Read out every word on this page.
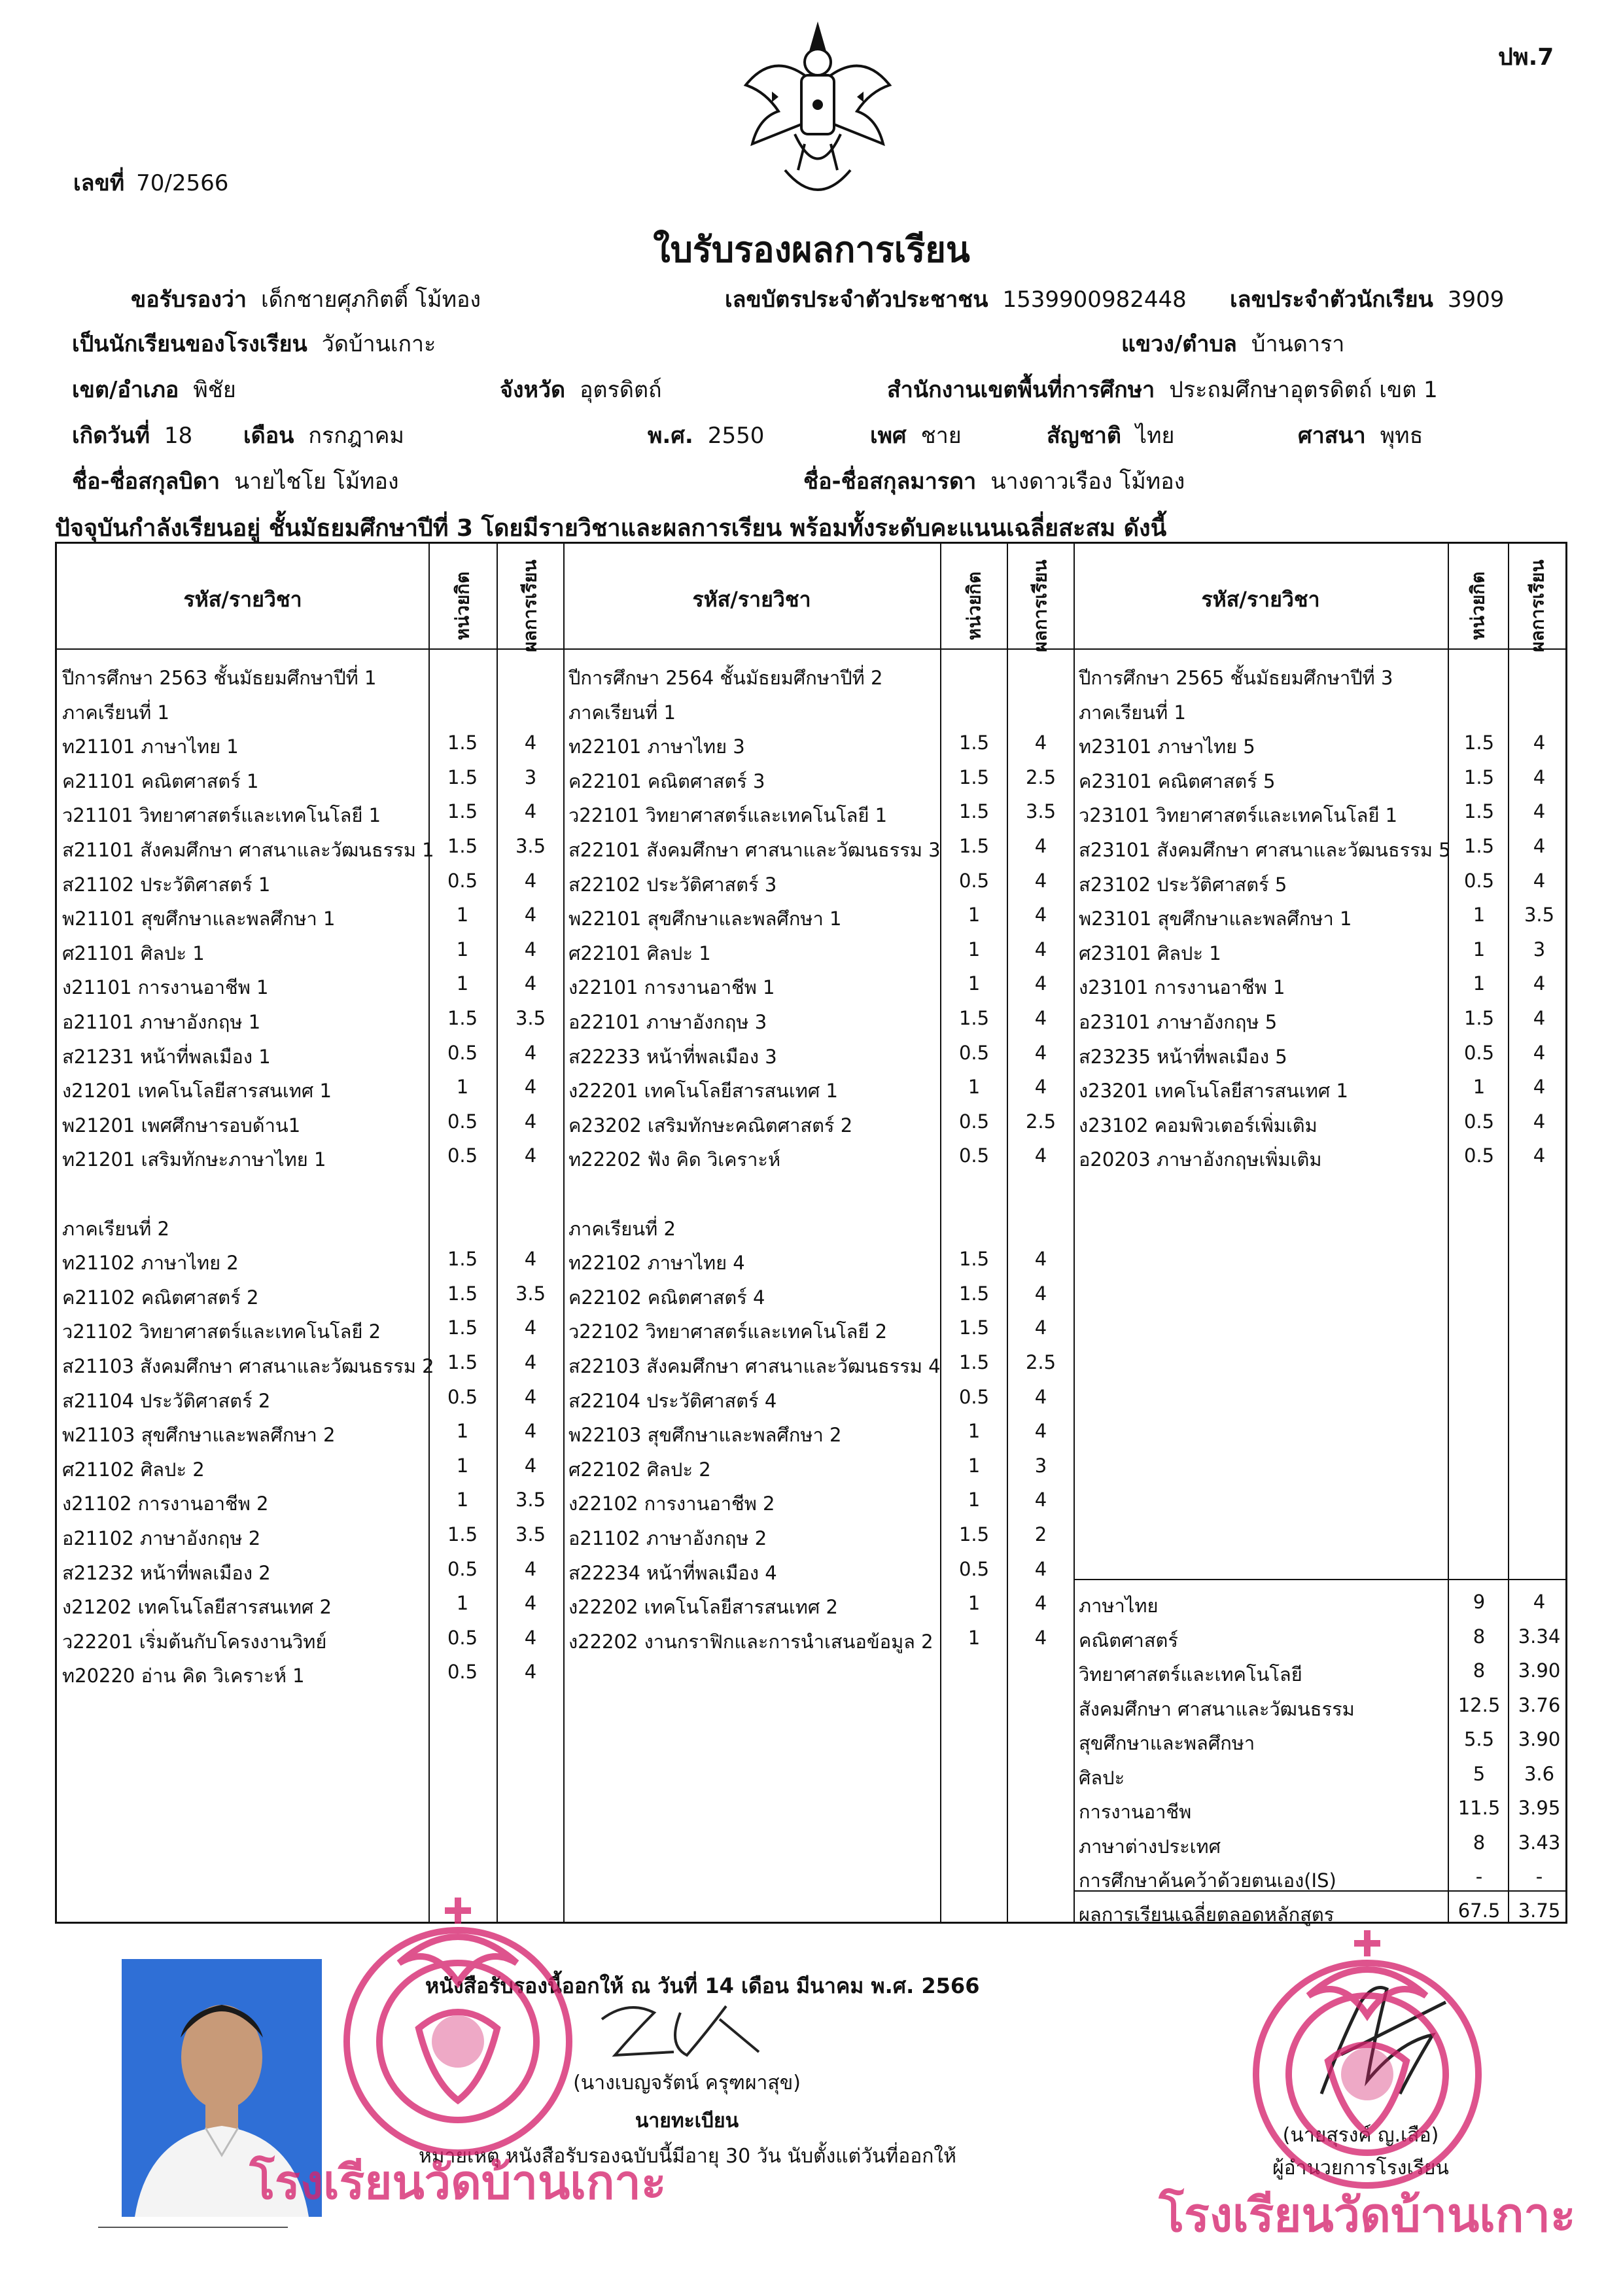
ปพ.7
เลขที่ 70/2566
ใบรับรองผลการเรียน
ขอรับรองว่า เด็กชายศุภกิตติ์ โม้ทอง	เลขบัตรประจำตัวประชาชน 1539900982448 เลขประจำตัวนักเรียน 3909
เป็นนักเรียนของโรงเรียน วัดบ้านเกาะ	แขวง/ตำบล บ้านดารา
เขต/อำเภอ พิชัย	จังหวัด อุตรดิตถ์	สำนักงานเขตพื้นที่การศึกษา ประถมศึกษาอุตรดิตถ์ เขต 1
เกิดวันที่ 18 เดือน กรกฎาคม	พ.ศ. 2550	เพศ ชาย	สัญชาติ ไทย	ศาสนา พุทธ
ชื่อ-ชื่อสกุลบิดา นายไชโย โม้ทอง	ชื่อ-ชื่อสกุลมารดา นางดาวเรือง โม้ทอง
ปัจจุบันกำลังเรียนอยู่ ชั้นมัธยมศึกษาปีที่ 3 โดยมีรายวิชาและผลการเรียน พร้อมทั้งระดับคะแนนเฉลี่ยสะสม ดังนี้
รหัส/รายวิชา	หน่วยกิต	ผลการเรียน	รหัส/รายวิชา	หน่วยกิต ผลการเรียน	รหัส/รายวิชา	หน่วยกิต ผลการเรียน
ปีการศึกษา 2563 ชั้นมัธยมศึกษาปีที่ 1
ภาคเรียนที่ 1
ท21101 ภาษาไทย 1	1.5	4
ค21101 คณิตศาสตร์ 1	1.5	3
ว21101 วิทยาศาสตร์และเทคโนโลยี 1	1.5	4
ส21101 สังคมศึกษา ศาสนาและวัฒนธรรม 1 1.5	3.5
ส21102 ประวัติศาสตร์ 1	0.5	4
พ21101 สุขศึกษาและพลศึกษา 1	1	4
ศ21101 ศิลปะ 1	1	4
ง21101 การงานอาชีพ 1	1	4
อ21101 ภาษาอังกฤษ 1	1.5	3.5
ส21231 หน้าที่พลเมือง 1	0.5	4
ง21201 เทคโนโลยีสารสนเทศ 1	1	4
พ21201 เพศศึกษารอบด้าน1	0.5	4
ท21201 เสริมทักษะภาษาไทย 1	0.5	4
ภาคเรียนที่ 2
ท21102 ภาษาไทย 2	1.5	4
ค21102 คณิตศาสตร์ 2	1.5	3.5
ว21102 วิทยาศาสตร์และเทคโนโลยี 2	1.5	4
ส21103 สังคมศึกษา ศาสนาและวัฒนธรรม 2 1.5	4
ส21104 ประวัติศาสตร์ 2	0.5	4
พ21103 สุขศึกษาและพลศึกษา 2	1	4
ศ21102 ศิลปะ 2	1	4
ง21102 การงานอาชีพ 2	1	3.5
อ21102 ภาษาอังกฤษ 2	1.5	3.5
ส21232 หน้าที่พลเมือง 2	0.5	4
ง21202 เทคโนโลยีสารสนเทศ 2	1	4
ว22201 เริ่มต้นกับโครงงานวิทย์	0.5	4
ท20220 อ่าน คิด วิเคราะห์ 1	0.5	4
ปีการศึกษา 2564 ชั้นมัธยมศึกษาปีที่ 2
ภาคเรียนที่ 1
ท22101 ภาษาไทย 3	1.5	4
ค22101 คณิตศาสตร์ 3	1.5	2.5
ว22101 วิทยาศาสตร์และเทคโนโลยี 1	1.5	3.5
ส22101 สังคมศึกษา ศาสนาและวัฒนธรรม 3 1.5	4
ส22102 ประวัติศาสตร์ 3	0.5	4
พ22101 สุขศึกษาและพลศึกษา 1	1	4
ศ22101 ศิลปะ 1	1	4
ง22101 การงานอาชีพ 1	1	4
อ22101 ภาษาอังกฤษ 3	1.5	4
ส22233 หน้าที่พลเมือง 3	0.5	4
ง22201 เทคโนโลยีสารสนเทศ 1	1	4
ค23202 เสริมทักษะคณิตศาสตร์ 2	0.5	2.5
ท22202 ฟัง คิด วิเคราะห์	0.5	4
ภาคเรียนที่ 2
ท22102 ภาษาไทย 4	1.5	4
ค22102 คณิตศาสตร์ 4	1.5	4
ว22102 วิทยาศาสตร์และเทคโนโลยี 2	1.5	4
ส22103 สังคมศึกษา ศาสนาและวัฒนธรรม 4 1.5	2.5
ส22104 ประวัติศาสตร์ 4	0.5	4
พ22103 สุขศึกษาและพลศึกษา 2	1	4
ศ22102 ศิลปะ 2	1	3
ง22102 การงานอาชีพ 2	1	4
อ21102 ภาษาอังกฤษ 2	1.5	2
ส22234 หน้าที่พลเมือง 4	0.5	4
ง22202 เทคโนโลยีสารสนเทศ 2	1	4
ง22202 งานกราฟิกและการนำเสนอข้อมูล 2	1	4
ปีการศึกษา 2565 ชั้นมัธยมศึกษาปีที่ 3
ภาคเรียนที่ 1
ท23101 ภาษาไทย 5	1.5	4
ค23101 คณิตศาสตร์ 5	1.5	4
ว23101 วิทยาศาสตร์และเทคโนโลยี 1	1.5	4
ส23101 สังคมศึกษา ศาสนาและวัฒนธรรม 5 1.5	4
ส23102 ประวัติศาสตร์ 5	0.5	4
พ23101 สุขศึกษาและพลศึกษา 1	1	3.5
ศ23101 ศิลปะ 1	1	3
ง23101 การงานอาชีพ 1	1	4
อ23101 ภาษาอังกฤษ 5	1.5	4
ส23235 หน้าที่พลเมือง 5	0.5	4
ง23201 เทคโนโลยีสารสนเทศ 1	1	4
ง23102 คอมพิวเตอร์เพิ่มเติม	0.5	4
อ20203 ภาษาอังกฤษเพิ่มเติม	0.5	4
ภาษาไทย	9	4
คณิตศาสตร์	8	3.34
วิทยาศาสตร์และเทคโนโลยี	8	3.90
สังคมศึกษา ศาสนาและวัฒนธรรม	12.5 3.76
สุขศึกษาและพลศึกษา	5.5	3.90
ศิลปะ	5	3.6
การงานอาชีพ	11.5 3.95
ภาษาต่างประเทศ	8	3.43
การศึกษาค้นคว้าด้วยตนเอง(IS)	-	-
ผลการเรียนเฉลี่ยตลอดหลักสูตร	67.5 3.75
หนังสือรับรองนี้ออกให้ ณ วันที่ 14 เดือน มีนาคม พ.ศ. 2566
(นางเบญจรัตน์ ครุฑผาสุข)
นายทะเบียน
หมายเหตุ หนังสือรับรองฉบับนี้มีอายุ 30 วัน นับตั้งแต่วันที่ออกให้
(นายสุรงค์ ญ.เสือ)
ผู้อำนวยการโรงเรียน
โรงเรียนวัดบ้านเกาะ
โรงเรียนวัดบ้านเกาะ
